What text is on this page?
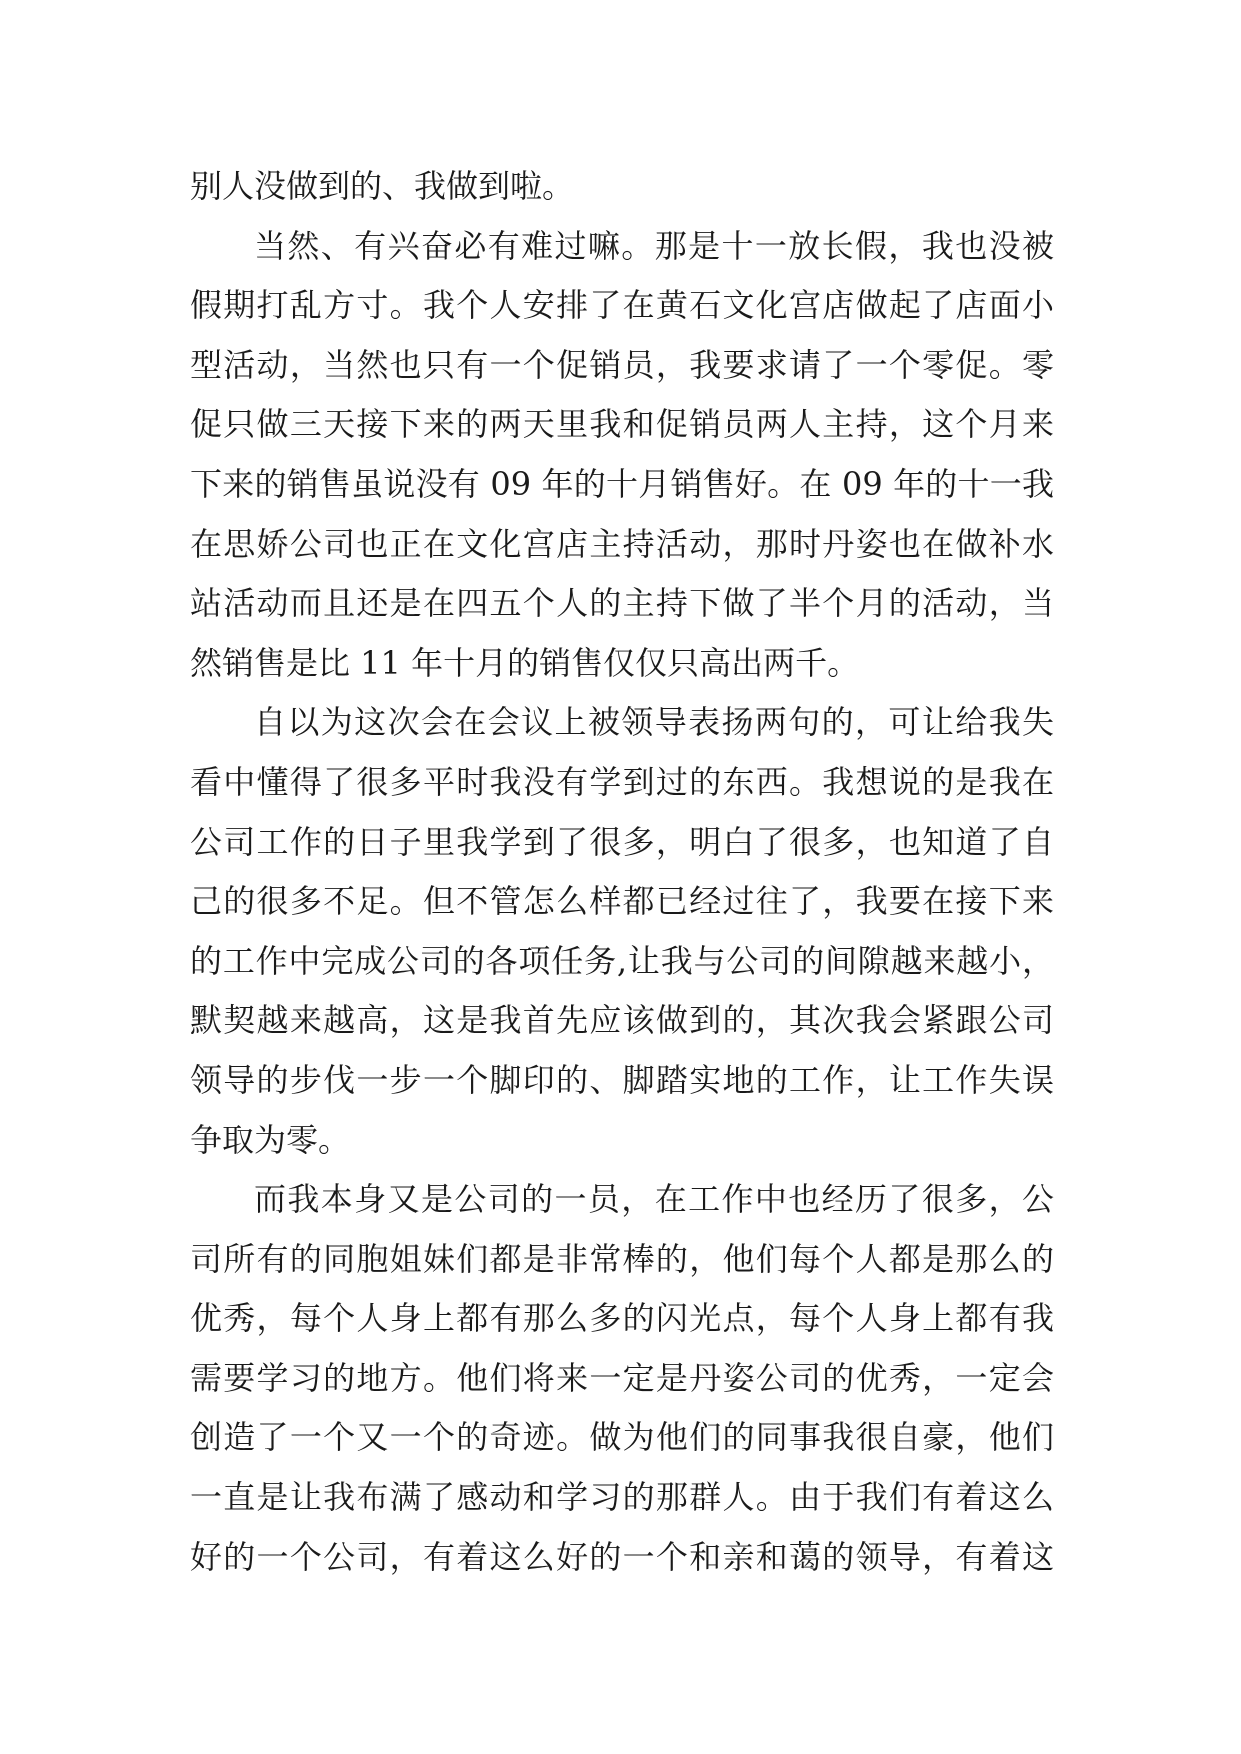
别人没做到的、我做到啦。
当然、有兴奋必有难过嘛。那是十一放长假，我也没被
假期打乱方寸。我个人安排了在黄石文化宫店做起了店面小
型活动，当然也只有一个促销员，我要求请了一个零促。零
促只做三天接下来的两天里我和促销员两人主持，这个月来
下来的销售虽说没有 09 年的十月销售好。在 09 年的十一我
在思娇公司也正在文化宫店主持活动，那时丹姿也在做补水
站活动而且还是在四五个人的主持下做了半个月的活动，当
然销售是比 11 年十月的销售仅仅只高出两千。
自以为这次会在会议上被领导表扬两句的，可让给我失
看中懂得了很多平时我没有学到过的东西。我想说的是我在
公司工作的日子里我学到了很多，明白了很多，也知道了自
己的很多不足。但不管怎么样都已经过往了，我要在接下来
的工作中完成公司的各项任务,让我与公司的间隙越来越小，
默契越来越高，这是我首先应该做到的，其次我会紧跟公司
领导的步伐一步一个脚印的、脚踏实地的工作，让工作失误
争取为零。
而我本身又是公司的一员，在工作中也经历了很多，公
司所有的同胞姐妹们都是非常棒的，他们每个人都是那么的
优秀，每个人身上都有那么多的闪光点，每个人身上都有我
需要学习的地方。他们将来一定是丹姿公司的优秀，一定会
创造了一个又一个的奇迹。做为他们的同事我很自豪，他们
一直是让我布满了感动和学习的那群人。由于我们有着这么
好的一个公司，有着这么好的一个和亲和蔼的领导，有着这
